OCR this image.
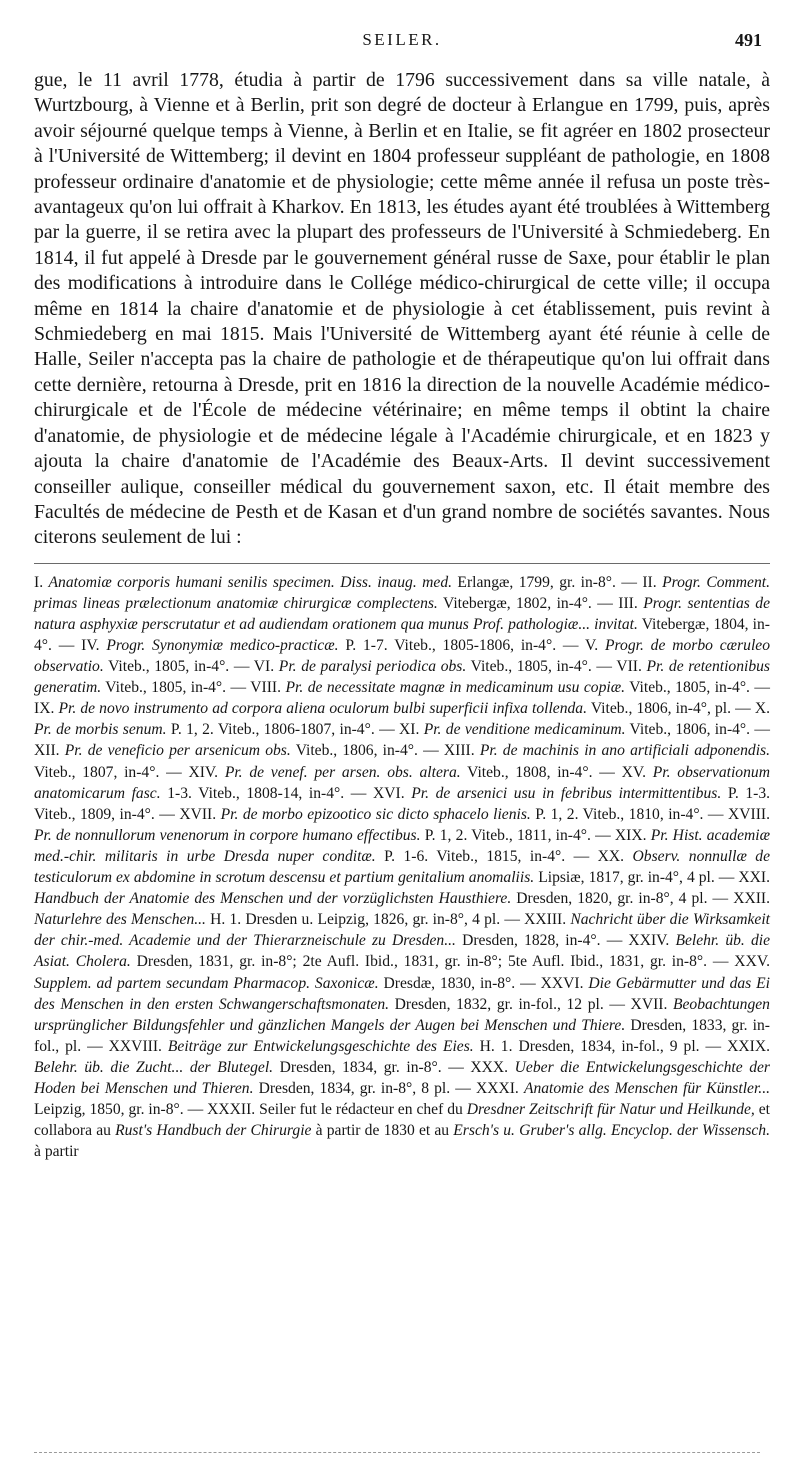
SEILER.	491

gue, le 11 avril 1778, étudia à partir de 1796 successivement dans sa ville natale, à Wurtzbourg, à Vienne et à Berlin, prit son degré de docteur à Erlangue en 1799, puis, après avoir séjourné quelque temps à Vienne, à Berlin et en Italie, se fit agréer en 1802 prosecteur à l'Université de Wittemberg; il devint en 1804 professeur suppléant de pathologie, en 1808 professeur ordinaire d'anatomie et de physiologie; cette même année il refusa un poste très-avantageux qu'on lui offrait à Kharkov. En 1813, les études ayant été troublées à Wittemberg par la guerre, il se retira avec la plupart des professeurs de l'Université à Schmiedeberg. En 1814, il fut appelé à Dresde par le gouvernement général russe de Saxe, pour établir le plan des modifications à introduire dans le Collége médico-chirurgical de cette ville; il occupa même en 1814 la chaire d'anatomie et de physiologie à cet établissement, puis revint à Schmiedeberg en mai 1815. Mais l'Université de Wittemberg ayant été réunie à celle de Halle, Seiler n'accepta pas la chaire de pathologie et de thérapeutique qu'on lui offrait dans cette dernière, retourna à Dresde, prit en 1816 la direction de la nouvelle Académie médico-chirurgicale et de l'École de médecine vétérinaire; en même temps il obtint la chaire d'anatomie, de physiologie et de médecine légale à l'Académie chirurgicale, et en 1823 y ajouta la chaire d'anatomie de l'Académie des Beaux-Arts. Il devint successivement conseiller aulique, conseiller médical du gouvernement saxon, etc. Il était membre des Facultés de médecine de Pesth et de Kasan et d'un grand nombre de sociétés savantes. Nous citerons seulement de lui :

I. Anatomiæ corporis humani senilis specimen. Diss. inaug. med. Erlangæ, 1799, gr. in-8°. — II. Progr. Comment. primas lineas prælectionum anatomiæ chirurgicæ complectens. Vitebergæ, 1802, in-4°. — III. Progr. sententias de natura asphyxiæ perscrutatur et ad audiendam orationem qua munus Prof. pathologiæ... invitat. Vitebergæ, 1804, in-4°. — IV. Progr. Synonymiæ medico-practicæ. P. 1-7. Viteb., 1805-1806, in-4°. — V. Progr. de morbo cæruleo observatio. Viteb., 1805, in-4°. — VI. Pr. de paralysi periodica obs. Viteb., 1805, in-4°. — VII. Pr. de retentionibus generatim. Viteb., 1805, in-4°. — VIII. Pr. de necessitate magnæ in medicaminum usu copiæ. Viteb., 1805, in-4°. — IX. Pr. de novo instrumento ad corpora aliena oculorum bulbi superficii infixa tollenda. Viteb., 1806, in-4°, pl. — X. Pr. de morbis senum. P. 1, 2. Viteb., 1806-1807, in-4°. — XI. Pr. de venditione medicaminum. Viteb., 1806, in-4°. — XII. Pr. de veneficio per arsenicum obs. Viteb., 1806, in-4°. — XIII. Pr. de machinis in ano artificiali adponendis. Viteb., 1807, in-4°. — XIV. Pr. de venef. per arsen. obs. altera. Viteb., 1808, in-4°. — XV. Pr. observationum anatomicarum fasc. 1-3. Viteb., 1808-14, in-4°. — XVI. Pr. de arsenici usu in febribus intermittentibus. P. 1-3. Viteb., 1809, in-4°. — XVII. Pr. de morbo epizootico sic dicto sphacelo lienis. P. 1, 2. Viteb., 1810, in-4°. — XVIII. Pr. de nonnullorum venenorum in corpore humano effectibus. P. 1, 2. Viteb., 1811, in-4°. — XIX. Pr. Hist. academiæ med.-chir. militaris in urbe Dresda nuper conditæ. P. 1-6. Viteb., 1815, in-4°. — XX. Observ. nonnullæ de testiculorum ex abdomine in scrotum descensu et partium genitalium anomaliis. Lipsiæ, 1817, gr. in-4°, 4 pl. — XXI. Handbuch der Anatomie des Menschen und der vorzüglichsten Hausthiere. Dresden, 1820, gr. in-8°, 4 pl. — XXII. Naturlehre des Menschen... H. 1. Dresden u. Leipzig, 1826, gr. in-8°, 4 pl. — XXIII. Nachricht über die Wirksamkeit der chir.-med. Academie und der Thierarzneischule zu Dresden... Dresden, 1828, in-4°. — XXIV. Belehr. üb. die Asiat. Cholera. Dresden, 1831, gr. in-8°; 2te Aufl. Ibid., 1831, gr. in-8°; 5te Aufl. Ibid., 1831, gr. in-8°. — XXV. Supplem. ad partem secundam Pharmacop. Saxonicæ. Dresdæ, 1830, in-8°. — XXVI. Die Gebärmutter und das Ei des Menschen in den ersten Schwangerschaftsmonaten. Dresden, 1832, gr. in-fol., 12 pl. — XVII. Beobachtungen ursprünglicher Bildungsfehler und gänzlichen Mangels der Augen bei Menschen und Thiere. Dresden, 1833, gr. in-fol., pl. — XXVIII. Beiträge zur Entwickelungsgeschichte des Eies. H. 1. Dresden, 1834, in-fol., 9 pl. — XXIX. Belehr. üb. die Zucht... der Blutegel. Dresden, 1834, gr. in-8°. — XXX. Ueber die Entwickelungsgeschichte der Hoden bei Menschen und Thieren. Dresden, 1834, gr. in-8°, 8 pl. — XXXI. Anatomie des Menschen für Künstler... Leipzig, 1850, gr. in-8°. — XXXII. Seiler fut le rédacteur en chef du Dresdner Zeitschrift für Natur und Heilkunde, et collabora au Rust's Handbuch der Chirurgie à partir de 1830 et au Ersch's u. Gruber's allg. Encyclop. der Wissensch. à partir
